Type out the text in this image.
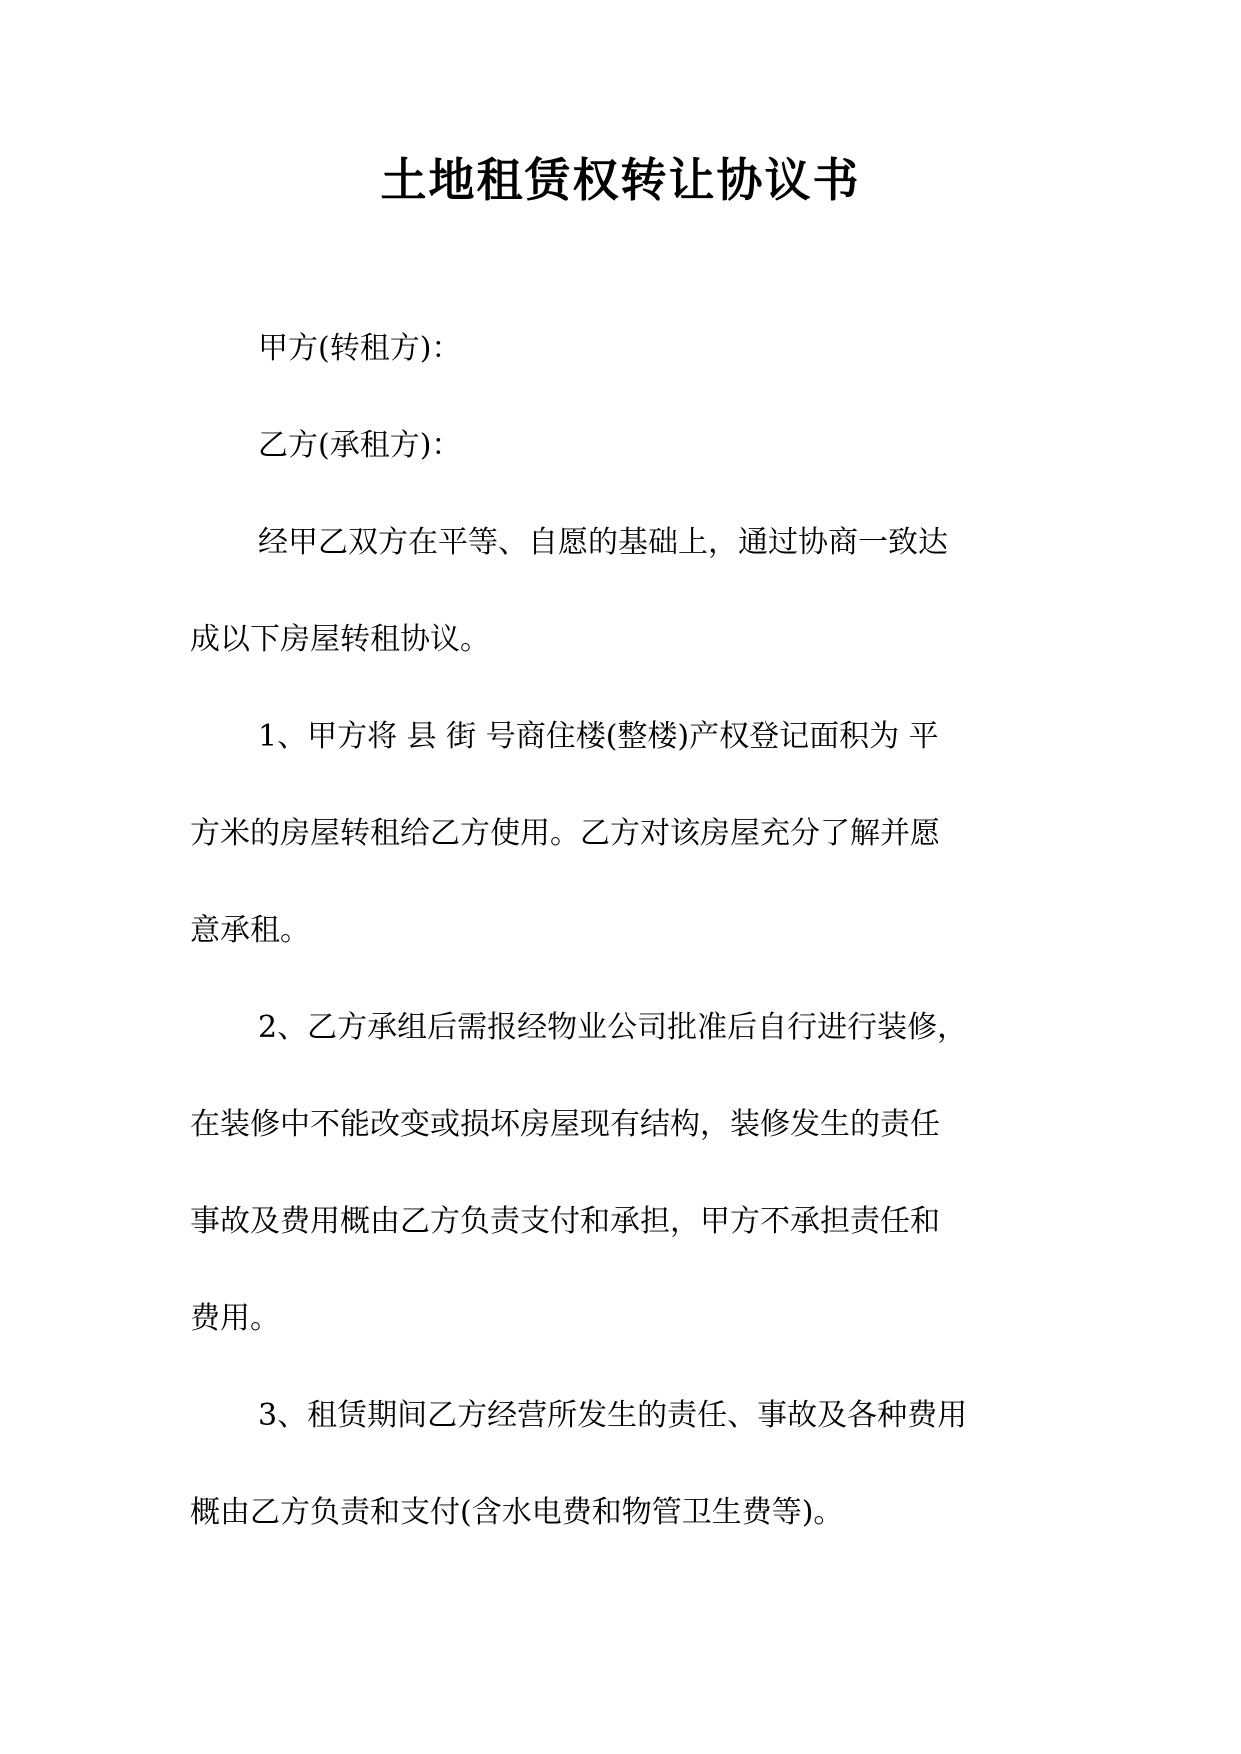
土地租赁权转让协议书
甲方(转租方)：
乙方(承租方)：
经甲乙双方在平等、自愿的基础上，通过协商一致达
成以下房屋转租协议。
1、甲方将 县 街 号商住楼(整楼)产权登记面积为 平
方米的房屋转租给乙方使用。乙方对该房屋充分了解并愿
意承租。
2、乙方承组后需报经物业公司批准后自行进行装修，
在装修中不能改变或损坏房屋现有结构，装修发生的责任
事故及费用概由乙方负责支付和承担，甲方不承担责任和
费用。
3、租赁期间乙方经营所发生的责任、事故及各种费用
概由乙方负责和支付(含水电费和物管卫生费等)。
